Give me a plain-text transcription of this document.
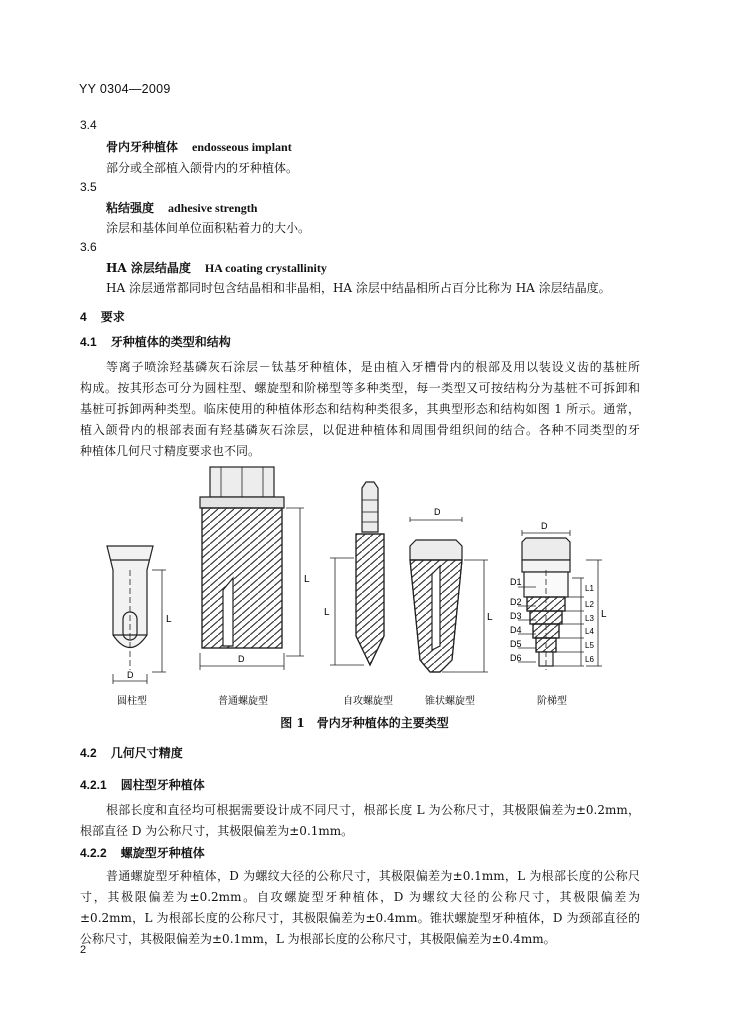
YY 0304—2009
3.4
骨内牙种植体 endosseous implant
部分或全部植入颌骨内的牙种植体。
3.5
粘结强度 adhesive strength
涂层和基体间单位面积粘着力的大小。
3.6
HA 涂层结晶度 HA coating crystallinity
HA 涂层通常都同时包含结晶相和非晶相，HA 涂层中结晶相所占百分比称为 HA 涂层结晶度。
4 要求
4.1 牙种植体的类型和结构
等离子喷涂羟基磷灰石涂层－钛基牙种植体，是由植入牙槽骨内的根部及用以装设义齿的基桩所
构成。按其形态可分为圆柱型、螺旋型和阶梯型等多种类型，每一类型又可按结构分为基桩不可拆卸和
基桩可拆卸两种类型。临床使用的种植体形态和结构种类很多，其典型形态和结构如图 1 所示。通常，
植入颌骨内的根部表面有羟基磷灰石涂层，以促进种植体和周围骨组织间的结合。各种不同类型的牙
种植体几何尺寸精度要求也不同。
L
D
L
D
L
D
L
D
L
D1
D2
D3
D4
D5
D6
L1
L2
L3
L4
L5
L6
圆柱型	普通螺旋型	自攻螺旋型	锥状螺旋型	阶梯型
图 1　骨内牙种植体的主要类型
4.2 几何尺寸精度
4.2.1 圆柱型牙种植体
根部长度和直径均可根据需要设计成不同尺寸，根部长度 L 为公称尺寸，其极限偏差为±0.2mm，
根部直径 D 为公称尺寸，其极限偏差为±0.1mm。
4.2.2 螺旋型牙种植体
普通螺旋型牙种植体，D 为螺纹大径的公称尺寸，其极限偏差为±0.1mm，L 为根部长度的公称尺
寸，其极限偏差为±0.2mm。自攻螺旋型牙种植体，D 为螺纹大径的公称尺寸，其极限偏差为
±0.2mm，L 为根部长度的公称尺寸，其极限偏差为±0.4mm。锥状螺旋型牙种植体，D 为颈部直径的
公称尺寸，其极限偏差为±0.1mm，L 为根部长度的公称尺寸，其极限偏差为±0.4mm。
2
